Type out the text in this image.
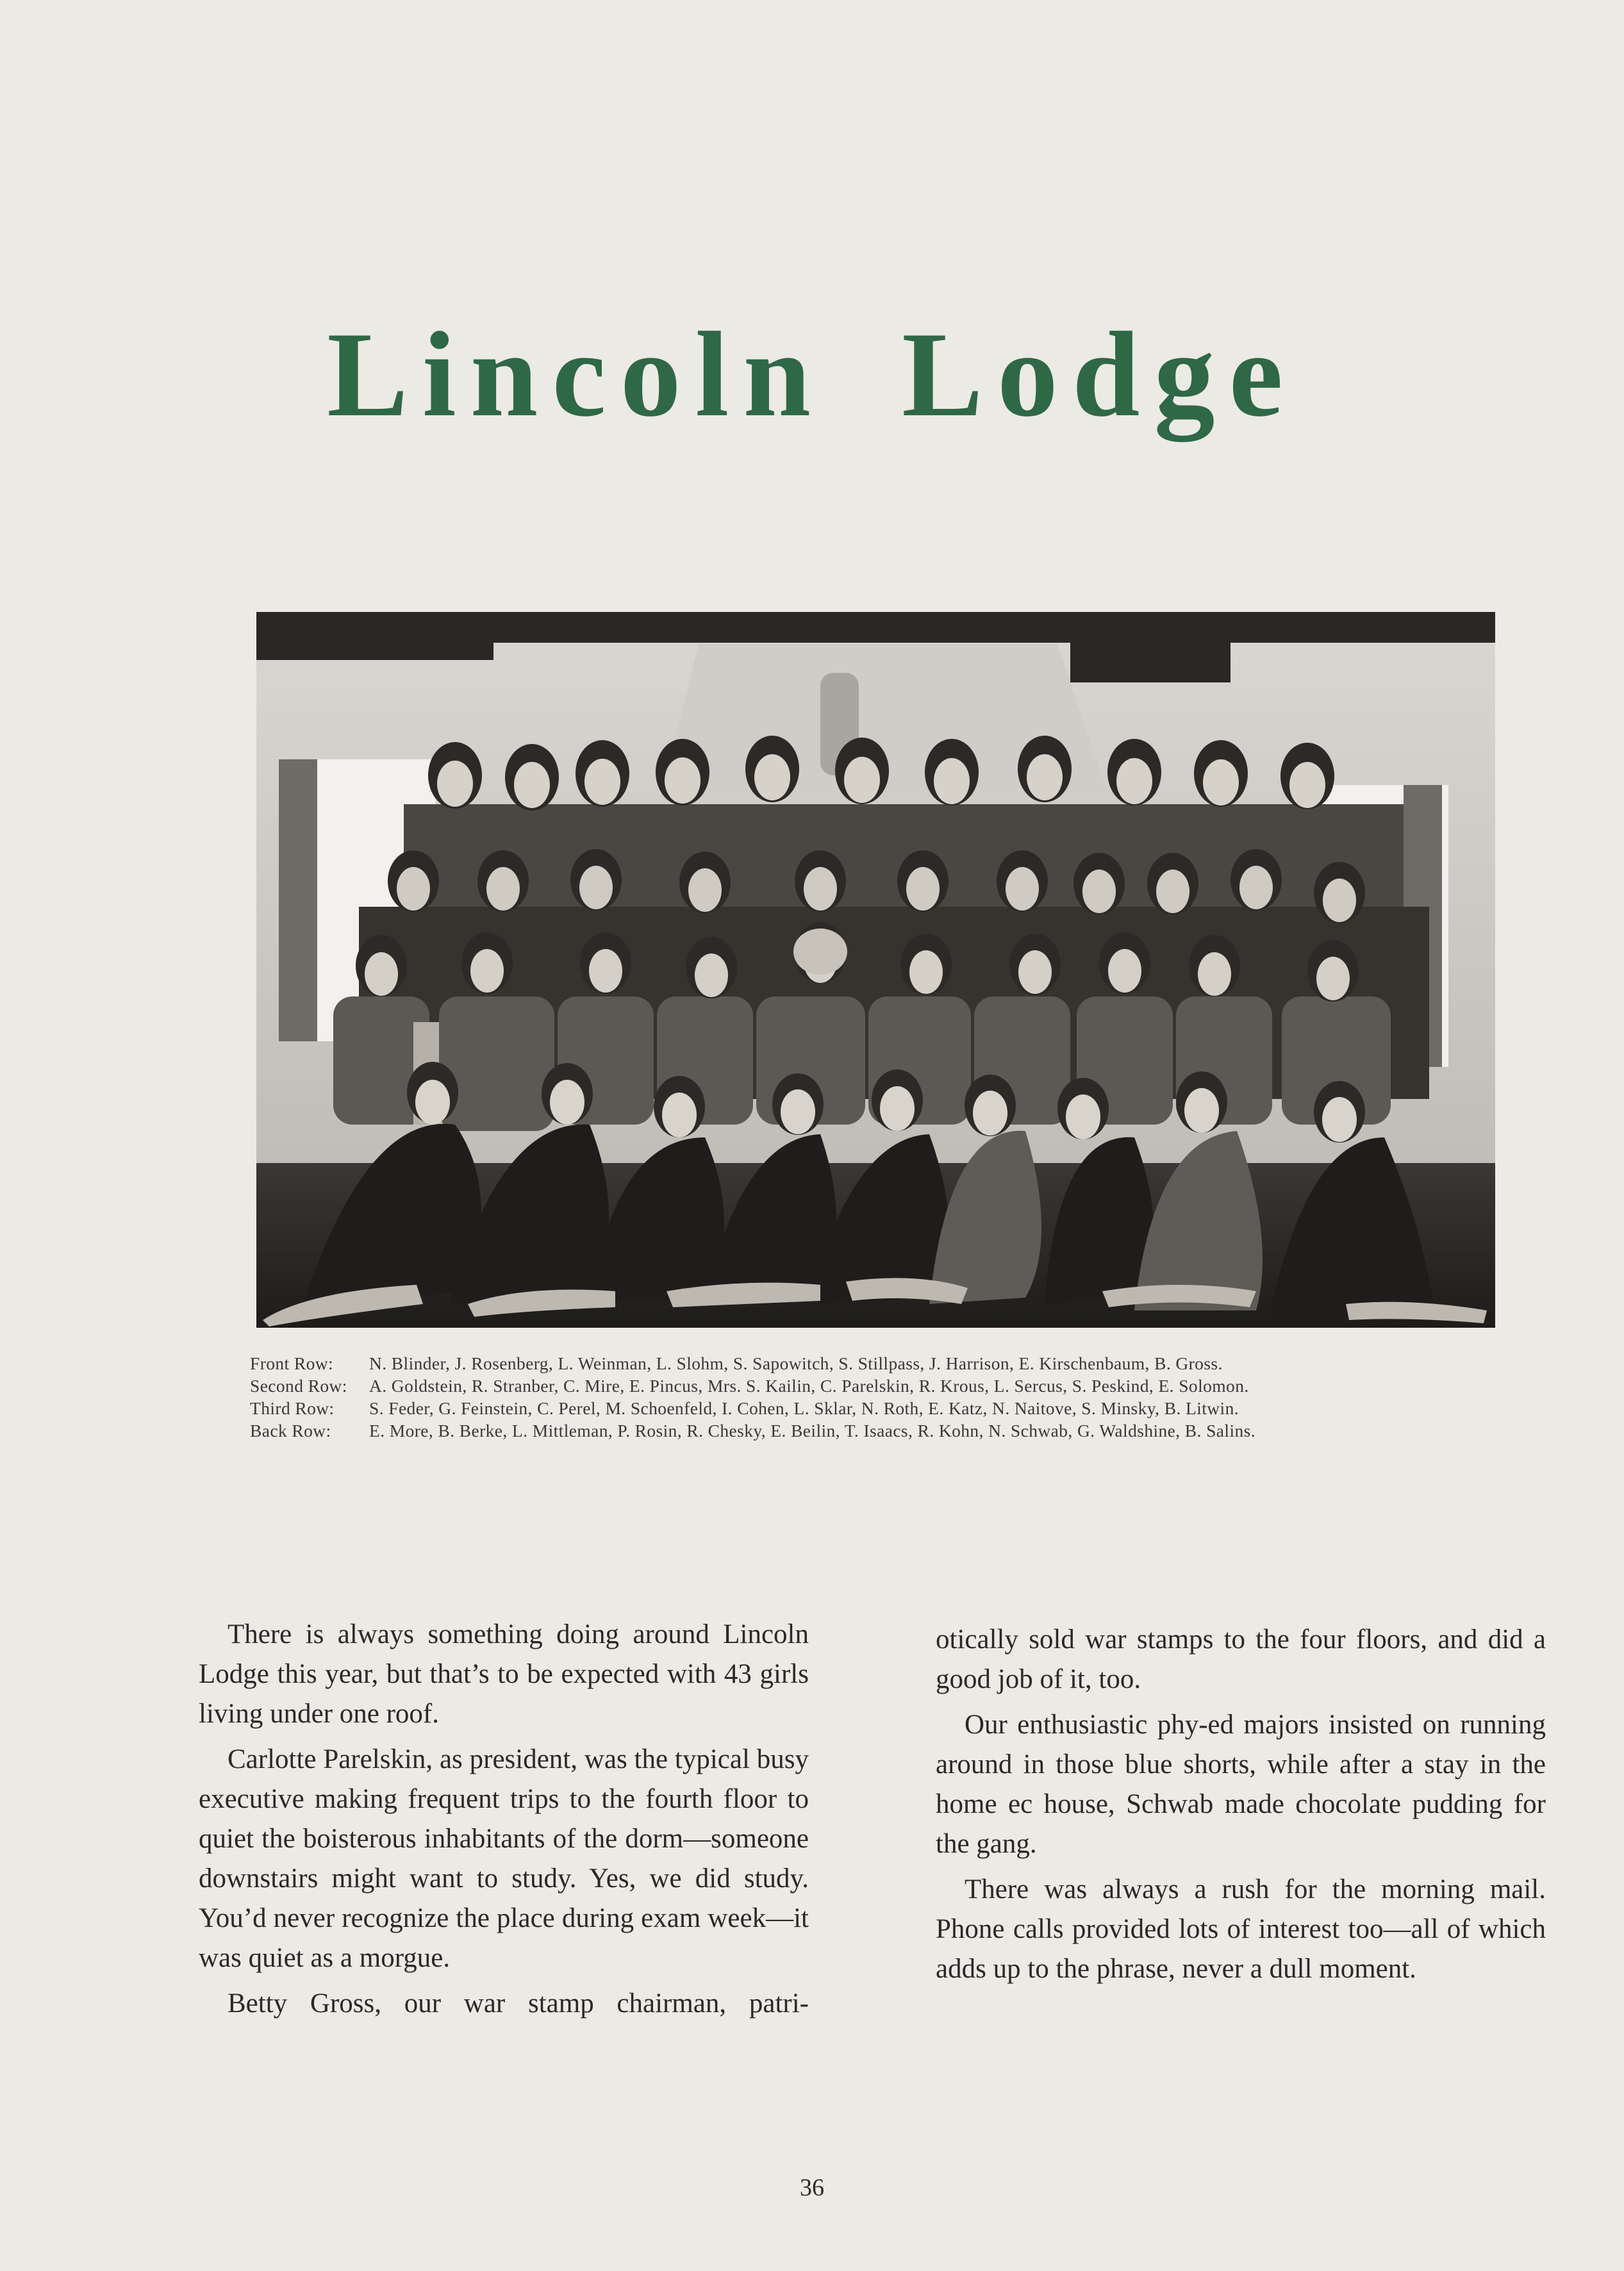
Lincoln Lodge
Front Row: N. Blinder, J. Rosenberg, L. Weinman, L. Slohm, S. Sapowitch, S. Stillpass, J. Harrison, E. Kirschenbaum, B. Gross.
Second Row: A. Goldstein, R. Stranber, C. Mire, E. Pincus, Mrs. S. Kailin, C. Parelskin, R. Krous, L. Sercus, S. Peskind, E. Solomon.
Third Row: S. Feder, G. Feinstein, C. Perel, M. Schoenfeld, I. Cohen, L. Sklar, N. Roth, E. Katz, N. Naitove, S. Minsky, B. Litwin.
Back Row: E. More, B. Berke, L. Mittleman, P. Rosin, R. Chesky, E. Beilin, T. Isaacs, R. Kohn, N. Schwab, G. Waldshine, B. Salins.

There is always something doing around Lincoln Lodge this year, but that’s to be expected with 43 girls living under one roof.

Carlotte Parelskin, as president, was the typical busy executive making frequent trips to the fourth floor to quiet the boisterous inhabitants of the dorm—someone downstairs might want to study. Yes, we did study. You’d never recognize the place during exam week—it was quiet as a morgue.

Betty Gross, our war stamp chairman, patri-

otically sold war stamps to the four floors, and did a good job of it, too.

Our enthusiastic phy-ed majors insisted on running around in those blue shorts, while after a stay in the home ec house, Schwab made chocolate pudding for the gang.

There was always a rush for the morning mail. Phone calls provided lots of interest too—all of which adds up to the phrase, never a dull moment.

36
